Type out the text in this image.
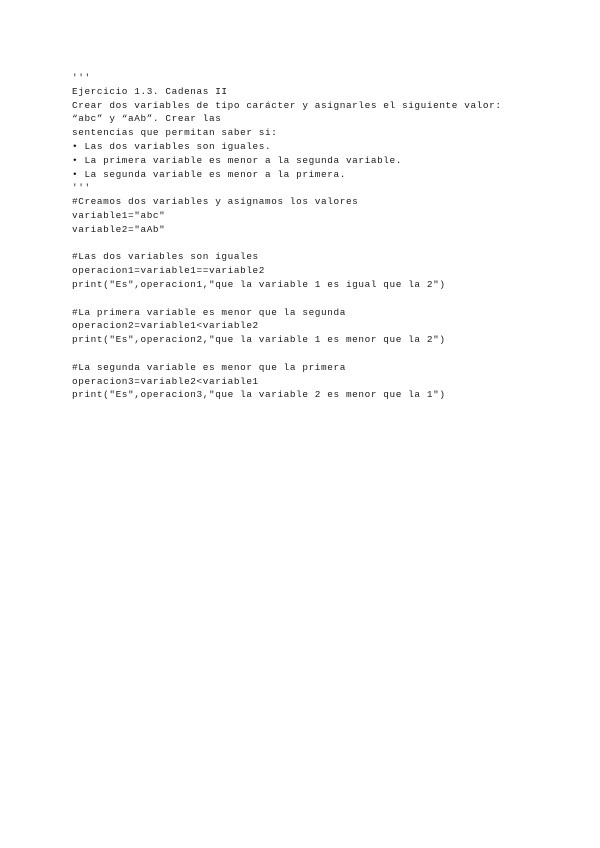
'''
Ejercicio 1.3. Cadenas II
Crear dos variables de tipo carácter y asignarles el siguiente valor:
“abc” y “aAb”. Crear las
sentencias que permitan saber si:
• Las dos variables son iguales.
• La primera variable es menor a la segunda variable.
• La segunda variable es menor a la primera.
'''
#Creamos dos variables y asignamos los valores
variable1="abc"
variable2="aAb"
#Las dos variables son iguales
operacion1=variable1==variable2
print("Es",operacion1,"que la variable 1 es igual que la 2")
#La primera variable es menor que la segunda
operacion2=variable1<variable2
print("Es",operacion2,"que la variable 1 es menor que la 2")
#La segunda variable es menor que la primera
operacion3=variable2<variable1
print("Es",operacion3,"que la variable 2 es menor que la 1")
